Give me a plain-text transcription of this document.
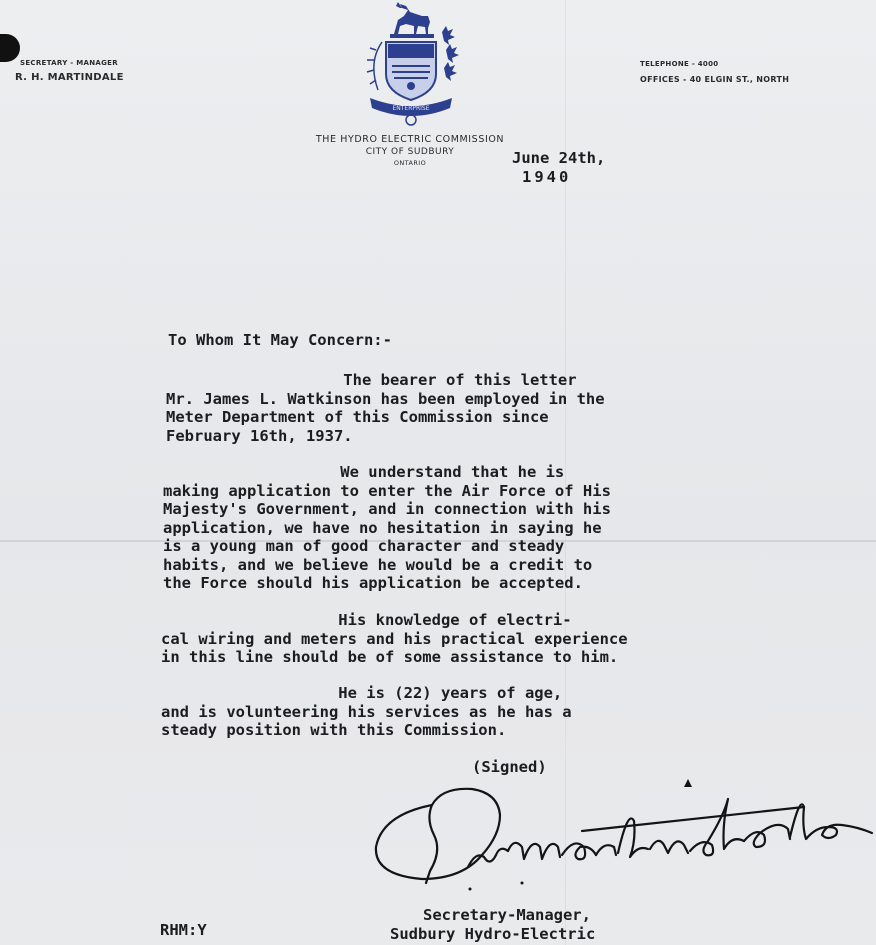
SECRETARY - MANAGER
R. H. MARTINDALE
TELEPHONE - 4000
OFFICES - 40 ELGIN ST., NORTH
ENTERPRISE
THE HYDRO ELECTRIC COMMISSION
CITY OF SUDBURY
ONTARIO	June 24th,
1940
To Whom It May Concern:-
The bearer of this letter
Mr. James L. Watkinson has been employed in the
Meter Department of this Commission since
February 16th, 1937.
We understand that he is
making application to enter the Air Force of His
Majesty's Government, and in connection with his
application, we have no hesitation in saying he
is a young man of good character and steady
habits, and we believe he would be a credit to
the Force should his application be accepted.
His knowledge of electri-
cal wiring and meters and his practical experience
in this line should be of some assistance to him.
He is (22) years of age,
and is volunteering his services as he has a
steady position with this Commission.
(Signed)
RHM:Y
Secretary-Manager,
Sudbury Hydro-Electric
